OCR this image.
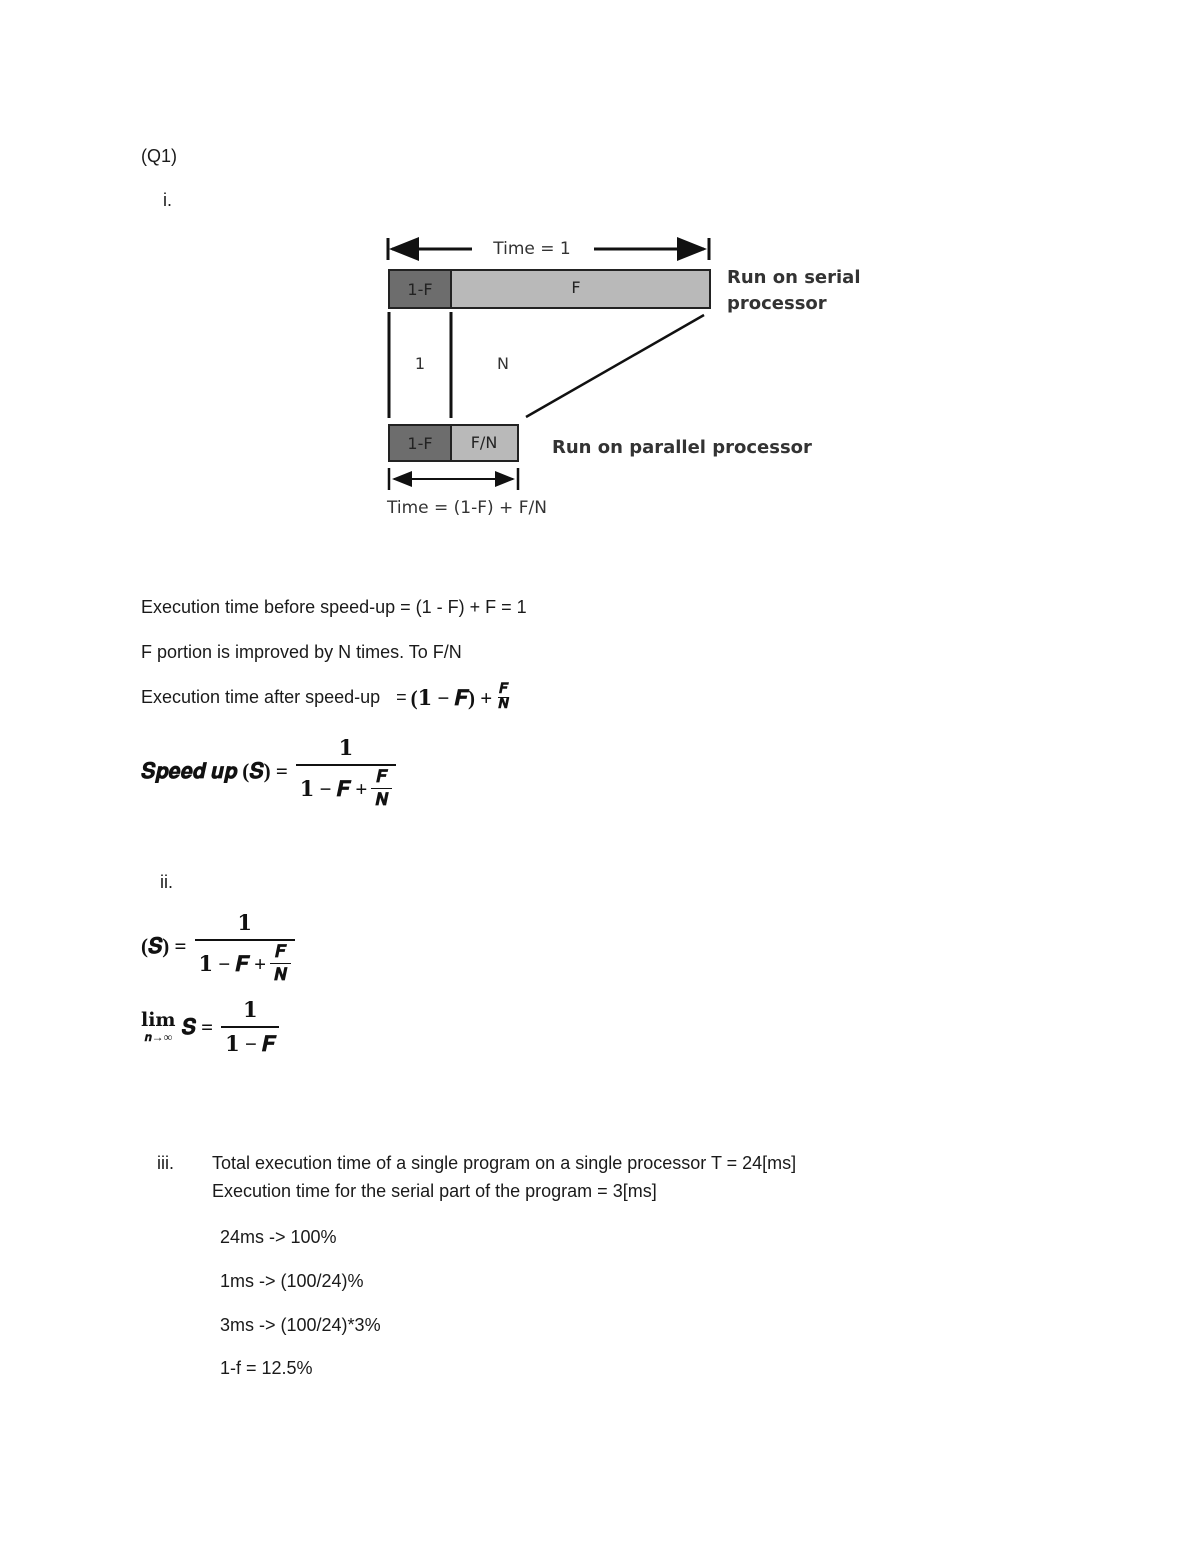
(Q1)
i.
Time = 1
1-F	F	Run on serial
processor
1	N
1-F F/N	Run on parallel processor
Time = (1-F) + F/N
Execution time before speed-up = (1 - F) + F = 1
F portion is improved by N times. To F/N
Execution time after speed-up = (𝟏 − 𝑭) + $\frac{\text{𝑭}}{\text{𝑵}}$
𝑺𝒑𝒆𝒆𝒅 𝒖𝒑 (𝑺) = $\frac{𝟏}{𝟏 - 𝑭 + \frac{\text{𝑭}}{\text{𝑵}}}$
ii.
(𝑺) = $\frac{𝟏}{𝟏 - 𝑭 + \frac{\text{𝑭}}{\text{𝑵}}}$
𝐥𝐢𝐦
𝒏→∞ 𝑺 = $\frac{𝟏}{\text{𝟏 − 𝑭}}$
iii. Total execution time of a single program on a single processor T = 24[ms]
Execution time for the serial part of the program = 3[ms]
24ms -> 100%
1ms -> (100/24)%
3ms -> (100/24)*3%
1-f = 12.5%
